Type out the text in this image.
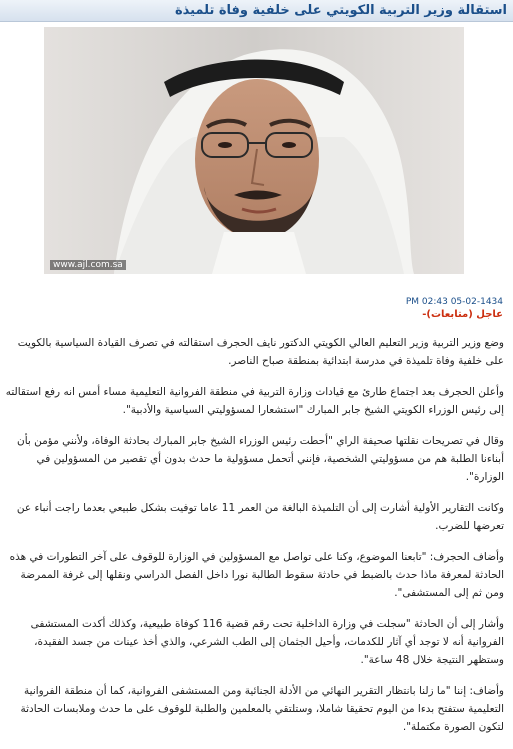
استقالة وزير التربية الكويتي على خلفية وفاة تلميذة
www.ajl.com.sa
PM 02:43 05-02-1434
عاجل (متابعات)-

وضع وزير التربية وزير التعليم العالي الكويتي الدكتور نايف الحجرف استقالته في تصرف القيادة السياسية بالكويت على خلفية وفاة تلميذة في مدرسة ابتدائية بمنطقة صباح الناصر.

وأعلن الحجرف بعد اجتماع طارئ مع قيادات وزارة التربية في منطقة الفروانية التعليمية مساء أمس انه رفع استقالته إلى رئيس الوزراء الكويتي الشيخ جابر المبارك "استشعارا لمسؤوليتي السياسية والأدبية".

وقال في تصريحات نقلتها صحيفة الراي "أحطت رئيس الوزراء الشيخ جابر المبارك بحادثة الوفاة، ولأنني مؤمن بأن أبناءنا الطلبة هم من مسؤوليتي الشخصية، فإنني أتحمل مسؤولية ما حدث بدون أي تقصير من المسؤولين في الوزارة".

وكانت التقارير الأولية أشارت إلى أن التلميذة البالغة من العمر 11 عاما توفيت بشكل طبيعي بعدما راجت أنباء عن تعرضها للضرب.

وأضاف الحجرف: "تابعنا الموضوع، وكنا على تواصل مع المسؤولين في الوزارة للوقوف على آخر التطورات في هذه الحادثة لمعرفة ماذا حدث بالضبط في حادثة سقوط الطالبة نورا داخل الفصل الدراسي ونقلها إلى غرفة الممرضة ومن ثم إلى المستشفى".

وأشار إلى أن الحادثة "سجلت في وزارة الداخلية تحت رقم قضية 116 كوفاة طبيعية، وكذلك أكدت المستشفى الفروانية أنه لا توجد أي آثار للكدمات، وأحيل الجثمان إلى الطب الشرعي، والذي أخذ عينات من جسد الفقيدة، وستظهر النتيجة خلال 48 ساعة".

وأضاف: إننا "ما زلنا بانتظار التقرير النهائي من الأدلة الجنائية ومن المستشفى الفروانية، كما أن منطقة الفروانية التعليمية ستفتح بدءا من اليوم تحقيقا شاملا، وستلتقي بالمعلمين والطلبة للوقوف على ما حدث وملابسات الحادثة لتكون الصورة مكتملة".
